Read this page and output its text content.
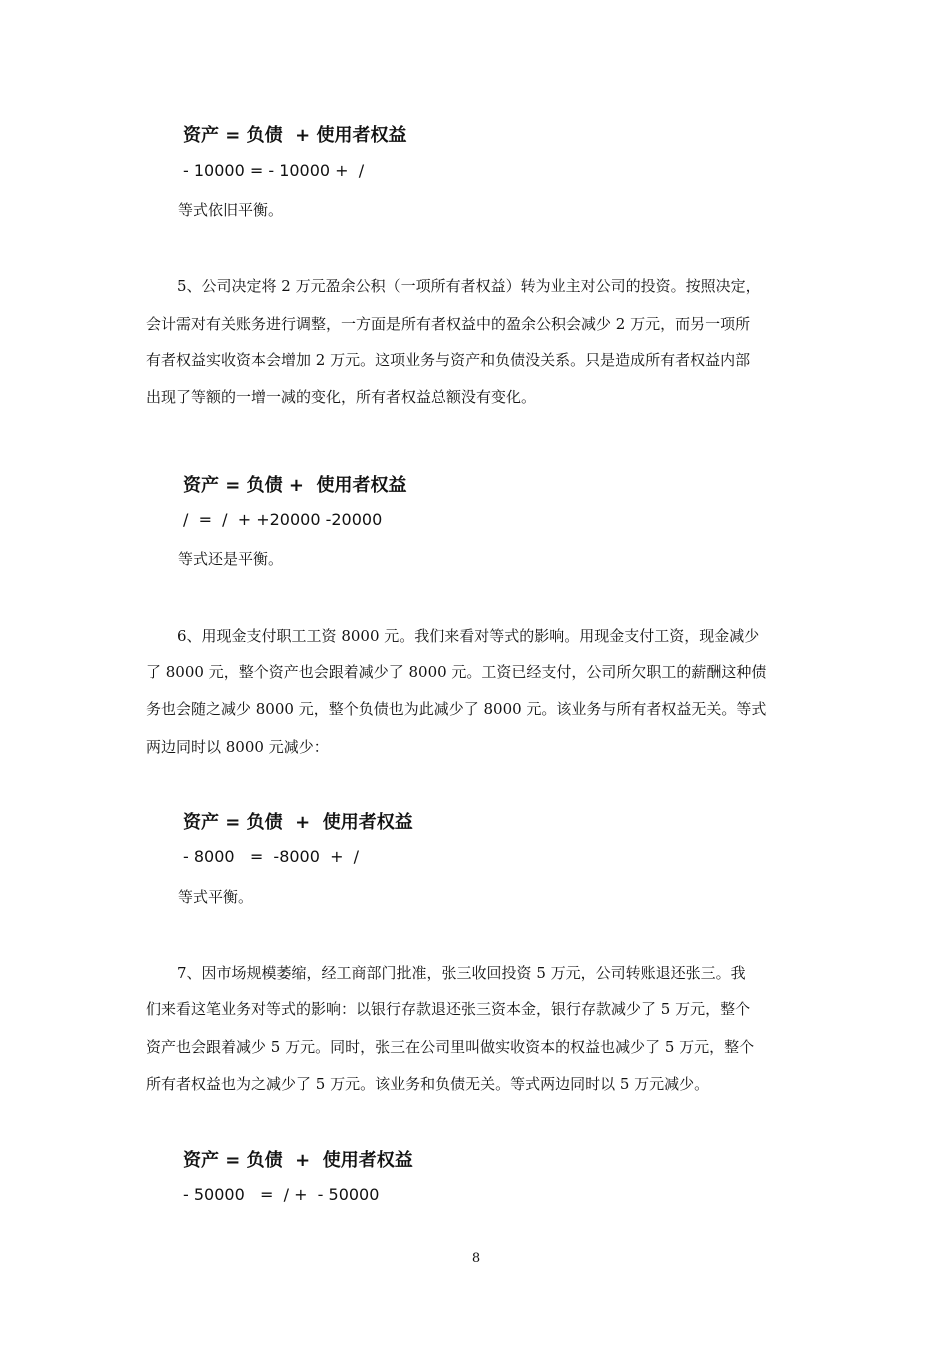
资产 = 负债  + 使用者权益
- 10000 = - 10000 +  /
等式依旧平衡。
5、公司决定将 2 万元盈余公积（一项所有者权益）转为业主对公司的投资。按照决定，
会计需对有关账务进行调整，一方面是所有者权益中的盈余公积会减少 2 万元，而另一项所
有者权益实收资本会增加 2 万元。这项业务与资产和负债没关系。只是造成所有者权益内部
出现了等额的一增一减的变化，所有者权益总额没有变化。
资产 = 负债 +  使用者权益
/  =  /  + +20000 -20000
等式还是平衡。
6、用现金支付职工工资 8000 元。我们来看对等式的影响。用现金支付工资，现金减少
了 8000 元，整个资产也会跟着减少了 8000 元。工资已经支付，公司所欠职工的薪酬这种债
务也会随之减少 8000 元，整个负债也为此减少了 8000 元。该业务与所有者权益无关。等式
两边同时以 8000 元减少：
资产 = 负债  +  使用者权益
- 8000   =  -8000  +  /
等式平衡。
7、因市场规模萎缩，经工商部门批准，张三收回投资 5 万元，公司转账退还张三。我
们来看这笔业务对等式的影响：以银行存款退还张三资本金，银行存款减少了 5 万元，整个
资产也会跟着减少 5 万元。同时，张三在公司里叫做实收资本的权益也减少了 5 万元，整个
所有者权益也为之减少了 5 万元。该业务和负债无关。等式两边同时以 5 万元减少。
资产 = 负债  +  使用者权益
- 50000   =  / +  - 50000
8
